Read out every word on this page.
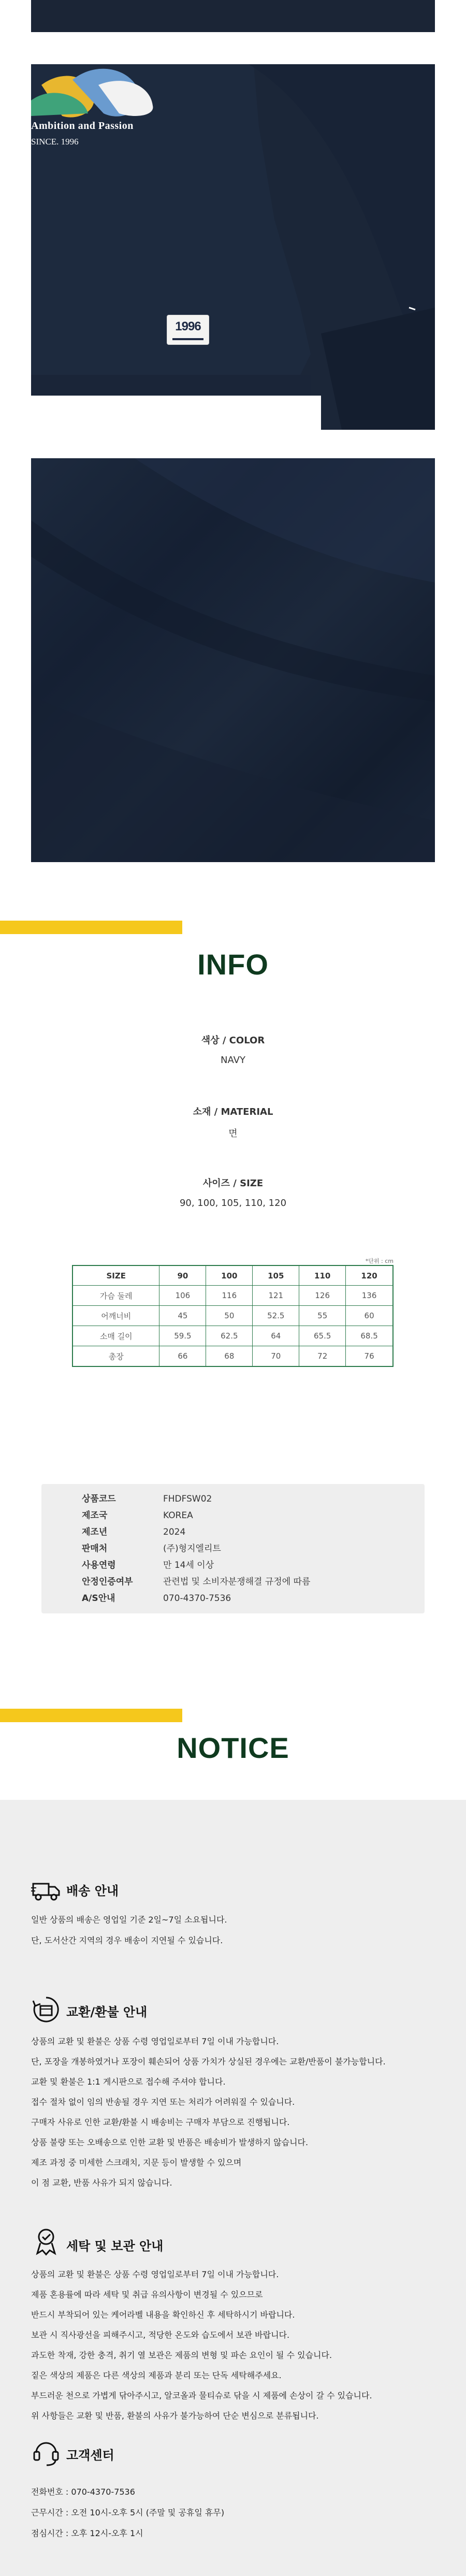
Ambition and Passion
SINCE. 1996
1996
INFO
색상 / COLOR
NAVY
소재 / MATERIAL
면
사이즈 / SIZE
90, 100, 105, 110, 120
*단위 : cm
SIZE	90	100	105	110	120
가슴 둘레	106	116	121	126	136
어깨너비	45	50	52.5	55	60
소매 길이	59.5	62.5	64	65.5	68.5
총장	66	68	70	72	76
상품코드	FHDFSW02
제조국	KOREA
제조년	2024
판매처	(주)형지엘리트
사용연령	만 14세 이상
안정인증여부	관련법 및 소비자분쟁해결 규정에 따름
A/S안내	070-4370-7536
NOTICE
배송 안내
일반 상품의 배송은 영업일 기준 2일~7일 소요됩니다.
단, 도서산간 지역의 경우 배송이 지연될 수 있습니다.
교환/환불 안내
상품의 교환 및 환불은 상품 수령 영업일로부터 7일 이내 가능합니다.
단, 포장을 개봉하였거나 포장이 훼손되어 상품 가치가 상실된 경우에는 교환/반품이 불가능합니다.
교환 및 환불은 1:1 게시판으로 접수해 주셔야 합니다.
접수 절차 없이 임의 반송될 경우 지연 또는 처리가 어려워질 수 있습니다.
구매자 사유로 인한 교환/환불 시 배송비는 구매자 부담으로 진행됩니다.
상품 불량 또는 오배송으로 인한 교환 및 반품은 배송비가 발생하지 않습니다.
제조 과정 중 미세한 스크래치, 지문 등이 발생할 수 있으며
이 점 교환, 반품 사유가 되지 않습니다.
세탁 및 보관 안내
상품의 교환 및 환불은 상품 수령 영업일로부터 7일 이내 가능합니다.
제품 혼용률에 따라 세탁 및 취급 유의사항이 변경될 수 있으므로
반드시 부착되어 있는 케어라벨 내용을 확인하신 후 세탁하시기 바랍니다.
보관 시 직사광선을 피해주시고, 적당한 온도와 습도에서 보관 바랍니다.
과도한 착재, 강한 충격, 취기 열 보관은 제품의 변형 및 파손 요인이 될 수 있습니다.
짙은 색상의 제품은 다른 색상의 제품과 분리 또는 단독 세탁해주세요.
부드러운 천으로 가볍게 닦아주시고, 알코올과 물티슈로 닦을 시 제품에 손상이 갈 수 있습니다.
위 사항들은 교환 및 반품, 환불의 사유가 불가능하여 단순 변심으로 분류됩니다.
고객센터
전화번호 : 070-4370-7536
근무시간 : 오전 10시-오후 5시 (주말 및 공휴일 휴무)
점심시간 : 오후 12시-오후 1시
